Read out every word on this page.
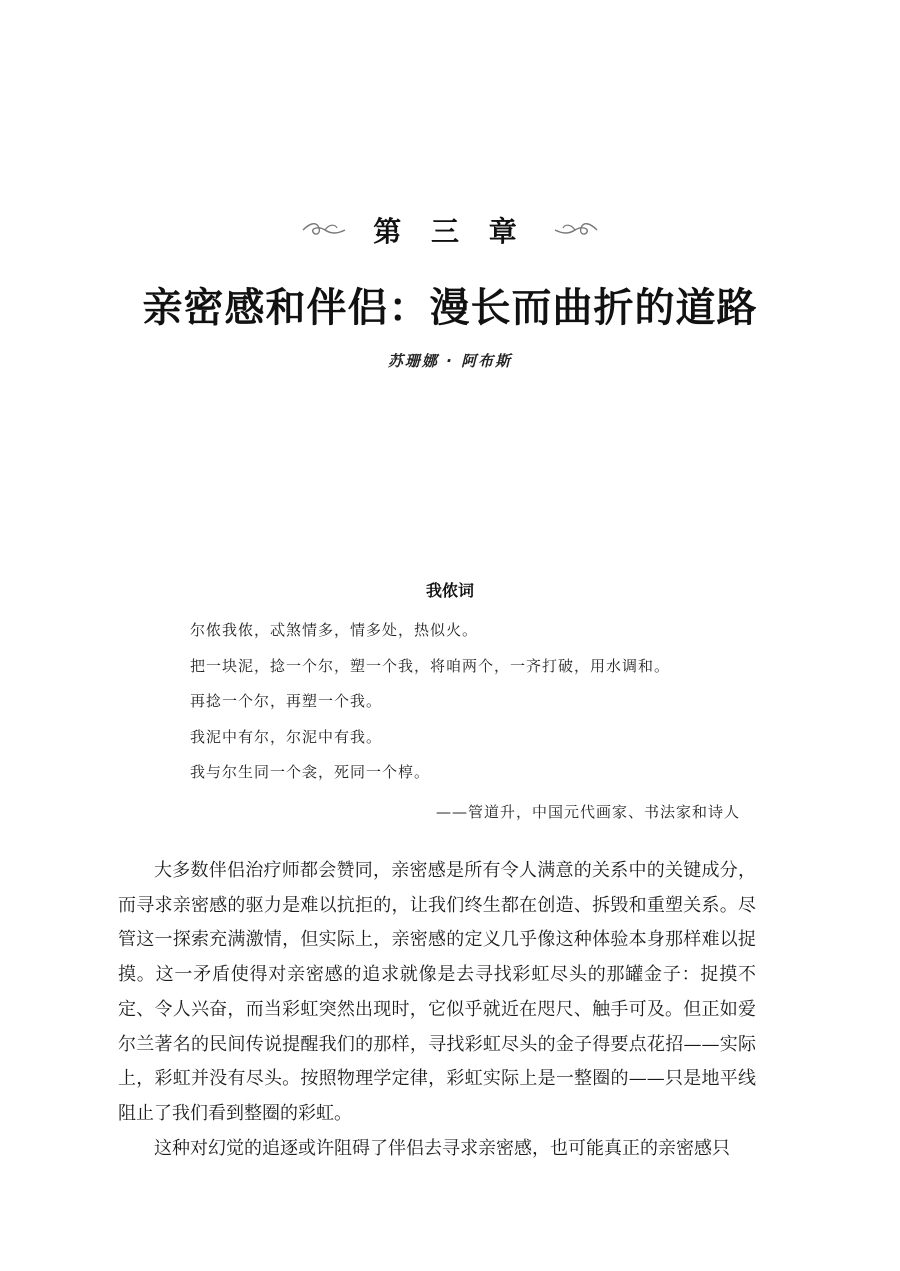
第 三 章
亲密感和伴侣：漫长而曲折的道路
苏珊娜 · 阿布斯
我侬词
尔侬我侬，忒煞情多，情多处，热似火。
把一块泥，捻一个尔，塑一个我，将咱两个，一齐打破，用水调和。
再捻一个尔，再塑一个我。
我泥中有尔，尔泥中有我。
我与尔生同一个衾，死同一个椁。
——管道升，中国元代画家、书法家和诗人

大多数伴侣治疗师都会赞同，亲密感是所有令人满意的关系中的关键成分，而寻求亲密感的驱力是难以抗拒的，让我们终生都在创造、拆毁和重塑关系。尽管这一探索充满激情，但实际上，亲密感的定义几乎像这种体验本身那样难以捉摸。这一矛盾使得对亲密感的追求就像是去寻找彩虹尽头的那罐金子：捉摸不定、令人兴奋，而当彩虹突然出现时，它似乎就近在咫尺、触手可及。但正如爱尔兰著名的民间传说提醒我们的那样，寻找彩虹尽头的金子得要点花招——实际上，彩虹并没有尽头。按照物理学定律，彩虹实际上是一整圈的——只是地平线阻止了我们看到整圈的彩虹。

这种对幻觉的追逐或许阻碍了伴侣去寻求亲密感，也可能真正的亲密感只
